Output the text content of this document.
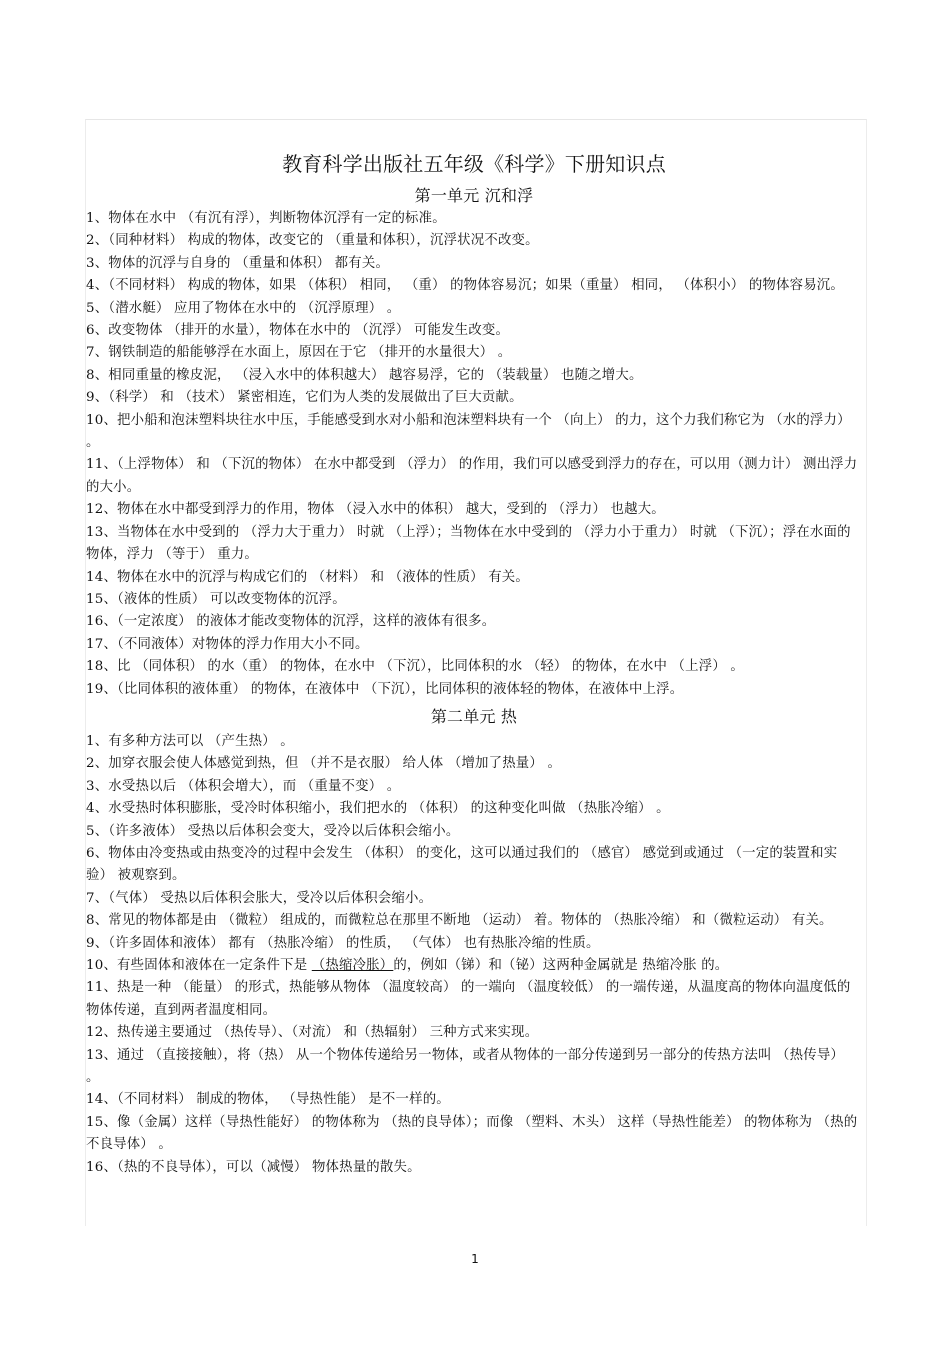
教育科学出版社五年级《科学》下册知识点
第一单元 沉和浮

1、物体在水中 （有沉有浮），判断物体沉浮有一定的标准。

2、（同种材料） 构成的物体，改变它的 （重量和体积），沉浮状况不改变。

3、物体的沉浮与自身的 （重量和体积） 都有关。

4、（不同材料） 构成的物体，如果 （体积） 相同， （重） 的物体容易沉；如果（重量） 相同， （体积小） 的物体容易沉。

5、（潜水艇） 应用了物体在水中的 （沉浮原理） 。

6、改变物体 （排开的水量），物体在水中的 （沉浮） 可能发生改变。

7、钢铁制造的船能够浮在水面上，原因在于它 （排开的水量很大） 。

8、相同重量的橡皮泥， （浸入水中的体积越大） 越容易浮，它的 （装载量） 也随之增大。

9、（科学） 和 （技术） 紧密相连，它们为人类的发展做出了巨大贡献。

10、把小船和泡沫塑料块往水中压，手能感受到水对小船和泡沫塑料块有一个 （向上） 的力，这个力我们称它为 （水的浮力） 。

11、（上浮物体） 和 （下沉的物体） 在水中都受到 （浮力） 的作用，我们可以感受到浮力的存在，可以用（测力计） 测出浮力的大小。

12、物体在水中都受到浮力的作用，物体 （浸入水中的体积） 越大，受到的 （浮力） 也越大。

13、当物体在水中受到的 （浮力大于重力） 时就 （上浮）；当物体在水中受到的 （浮力小于重力） 时就 （下沉）；浮在水面的物体，浮力 （等于） 重力。

14、物体在水中的沉浮与构成它们的 （材料） 和 （液体的性质） 有关。

15、（液体的性质） 可以改变物体的沉浮。

16、（一定浓度） 的液体才能改变物体的沉浮，这样的液体有很多。

17、（不同液体）对物体的浮力作用大小不同。

18、比 （同体积） 的水（重） 的物体，在水中 （下沉），比同体积的水 （轻） 的物体，在水中 （上浮） 。

19、（比同体积的液体重） 的物体，在液体中 （下沉），比同体积的液体轻的物体，在液体中上浮。

第二单元 热

1、有多种方法可以 （产生热） 。

2、加穿衣服会使人体感觉到热，但 （并不是衣服） 给人体 （增加了热量） 。

3、水受热以后 （体积会增大），而 （重量不变） 。

4、水受热时体积膨胀，受冷时体积缩小，我们把水的 （体积） 的这种变化叫做 （热胀冷缩） 。

5、（许多液体） 受热以后体积会变大，受冷以后体积会缩小。

6、物体由冷变热或由热变冷的过程中会发生 （体积） 的变化，这可以通过我们的 （感官） 感觉到或通过 （一定的装置和实验） 被观察到。

7、（气体） 受热以后体积会胀大，受冷以后体积会缩小。

8、常见的物体都是由 （微粒） 组成的，而微粒总在那里不断地 （运动） 着。物体的 （热胀冷缩） 和（微粒运动） 有关。

9、（许多固体和液体） 都有 （热胀冷缩） 的性质， （气体） 也有热胀冷缩的性质。

10、有些固体和液体在一定条件下是 （热缩冷胀）的，例如（锑）和（铋）这两种金属就是 热缩冷胀 的。

11、热是一种 （能量） 的形式，热能够从物体 （温度较高） 的一端向 （温度较低） 的一端传递，从温度高的物体向温度低的物体传递，直到两者温度相同。

12、热传递主要通过 （热传导）、（对流） 和（热辐射） 三种方式来实现。

13、通过 （直接接触），将（热） 从一个物体传递给另一物体，或者从物体的一部分传递到另一部分的传热方法叫 （热传导） 。

14、（不同材料） 制成的物体， （导热性能） 是不一样的。

15、像（金属）这样（导热性能好） 的物体称为 （热的良导体）；而像 （塑料、木头） 这样（导热性能差） 的物体称为 （热的不良导体） 。

16、（热的不良导体），可以（减慢） 物体热量的散失。

1
